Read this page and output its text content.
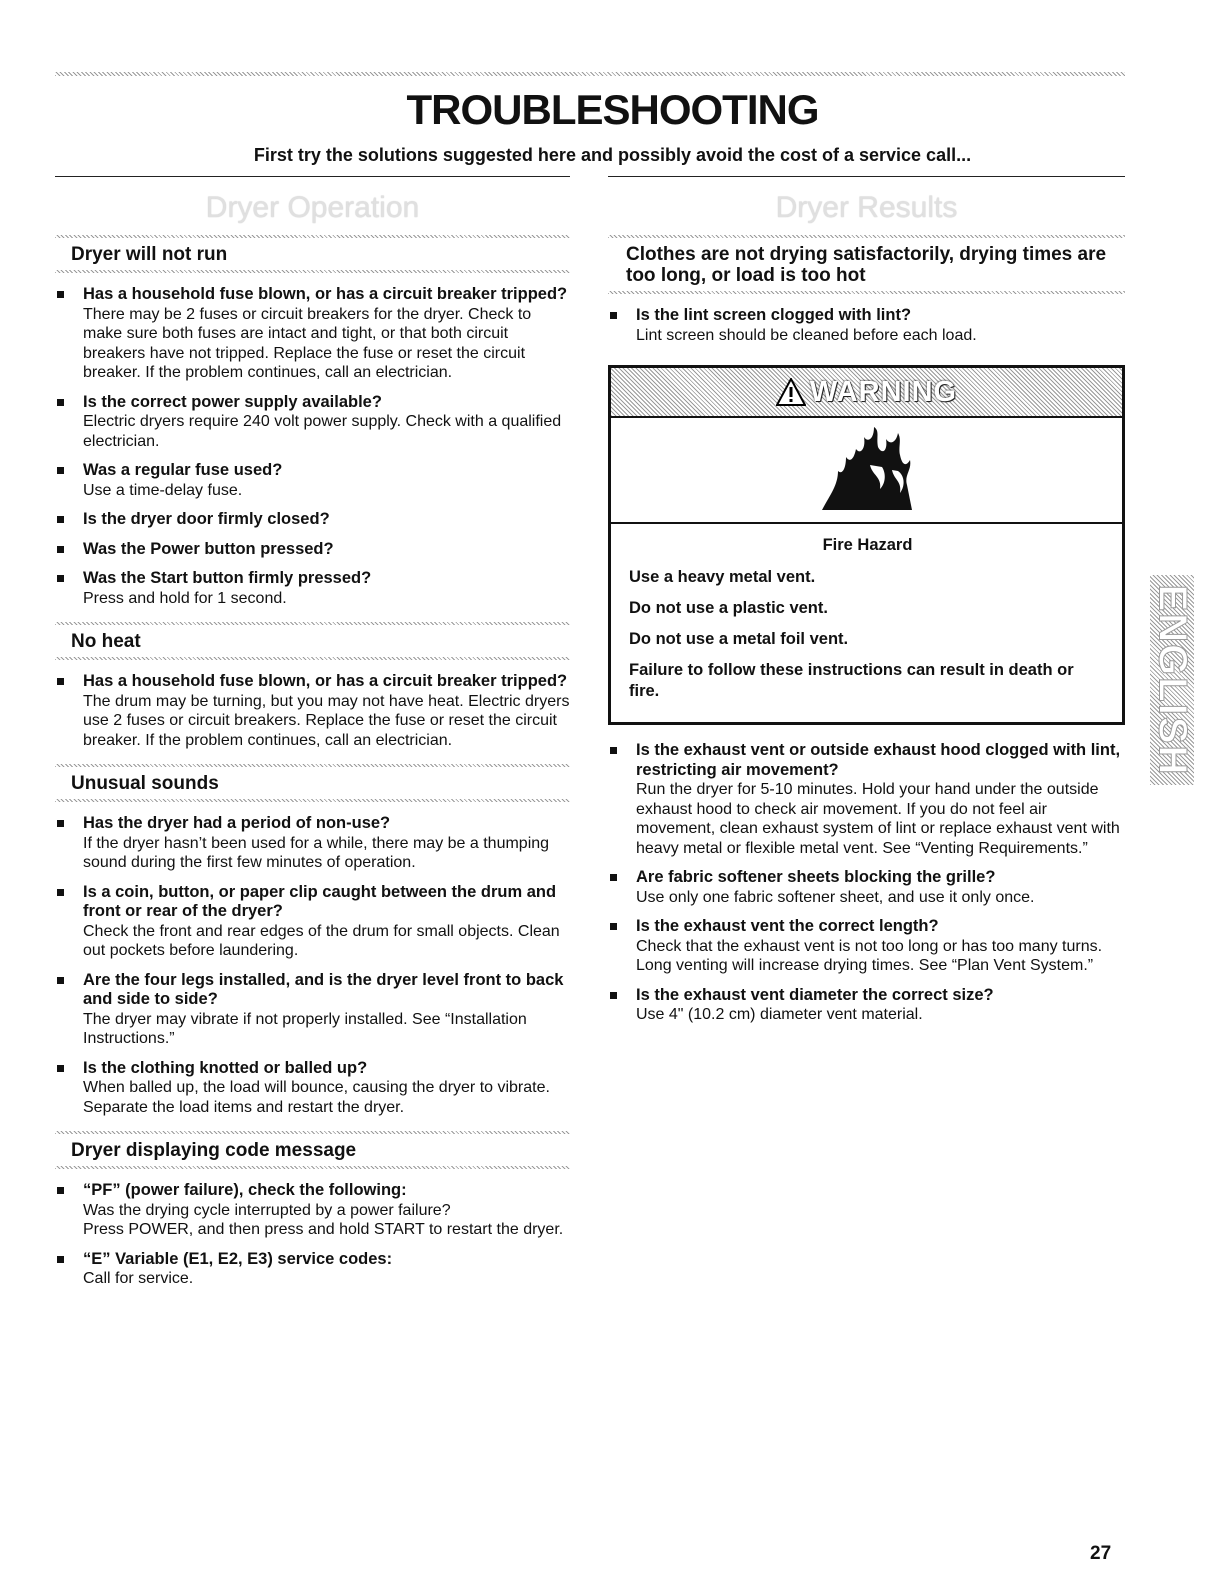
TROUBLESHOOTING

First try the solutions suggested here and possibly avoid the cost of a service call...

Dryer Operation
Dryer will not run
Has a household fuse blown, or has a circuit breaker tripped?
There may be 2 fuses or circuit breakers for the dryer. Check to make sure both fuses are intact and tight, or that both circuit breakers have not tripped. Replace the fuse or reset the circuit breaker. If the problem continues, call an electrician.
Is the correct power supply available?
Electric dryers require 240 volt power supply. Check with a qualified electrician.
Was a regular fuse used?
Use a time-delay fuse.
Is the dryer door firmly closed?
Was the Power button pressed?
Was the Start button firmly pressed?
Press and hold for 1 second.
No heat
Has a household fuse blown, or has a circuit breaker tripped?
The drum may be turning, but you may not have heat. Electric dryers use 2 fuses or circuit breakers. Replace the fuse or reset the circuit breaker. If the problem continues, call an electrician.
Unusual sounds
Has the dryer had a period of non-use?
If the dryer hasn’t been used for a while, there may be a thumping sound during the first few minutes of operation.
Is a coin, button, or paper clip caught between the drum and front or rear of the dryer?
Check the front and rear edges of the drum for small objects. Clean out pockets before laundering.
Are the four legs installed, and is the dryer level front to back and side to side?
The dryer may vibrate if not properly installed. See “Installation Instructions.”
Is the clothing knotted or balled up?
When balled up, the load will bounce, causing the dryer to vibrate. Separate the load items and restart the dryer.
Dryer displaying code message
“PF” (power failure), check the following:
Was the drying cycle interrupted by a power failure?
Press POWER, and then press and hold START to restart the dryer.
“E” Variable (E1, E2, E3) service codes:
Call for service.
Dryer Results
Clothes are not drying satisfactorily, drying times are too long, or load is too hot
Is the lint screen clogged with lint?
Lint screen should be cleaned before each load.
WARNING
Fire Hazard
Use a heavy metal vent.
Do not use a plastic vent.
Do not use a metal foil vent.
Failure to follow these instructions can result in death or fire.
Is the exhaust vent or outside exhaust hood clogged with lint, restricting air movement?
Run the dryer for 5-10 minutes. Hold your hand under the outside exhaust hood to check air movement. If you do not feel air movement, clean exhaust system of lint or replace exhaust vent with heavy metal or flexible metal vent. See “Venting Requirements.”
Are fabric softener sheets blocking the grille?
Use only one fabric softener sheet, and use it only once.
Is the exhaust vent the correct length?
Check that the exhaust vent is not too long or has too many turns. Long venting will increase drying times. See “Plan Vent System.”
Is the exhaust vent diameter the correct size?
Use 4" (10.2 cm) diameter vent material.
ENGLISH
27
